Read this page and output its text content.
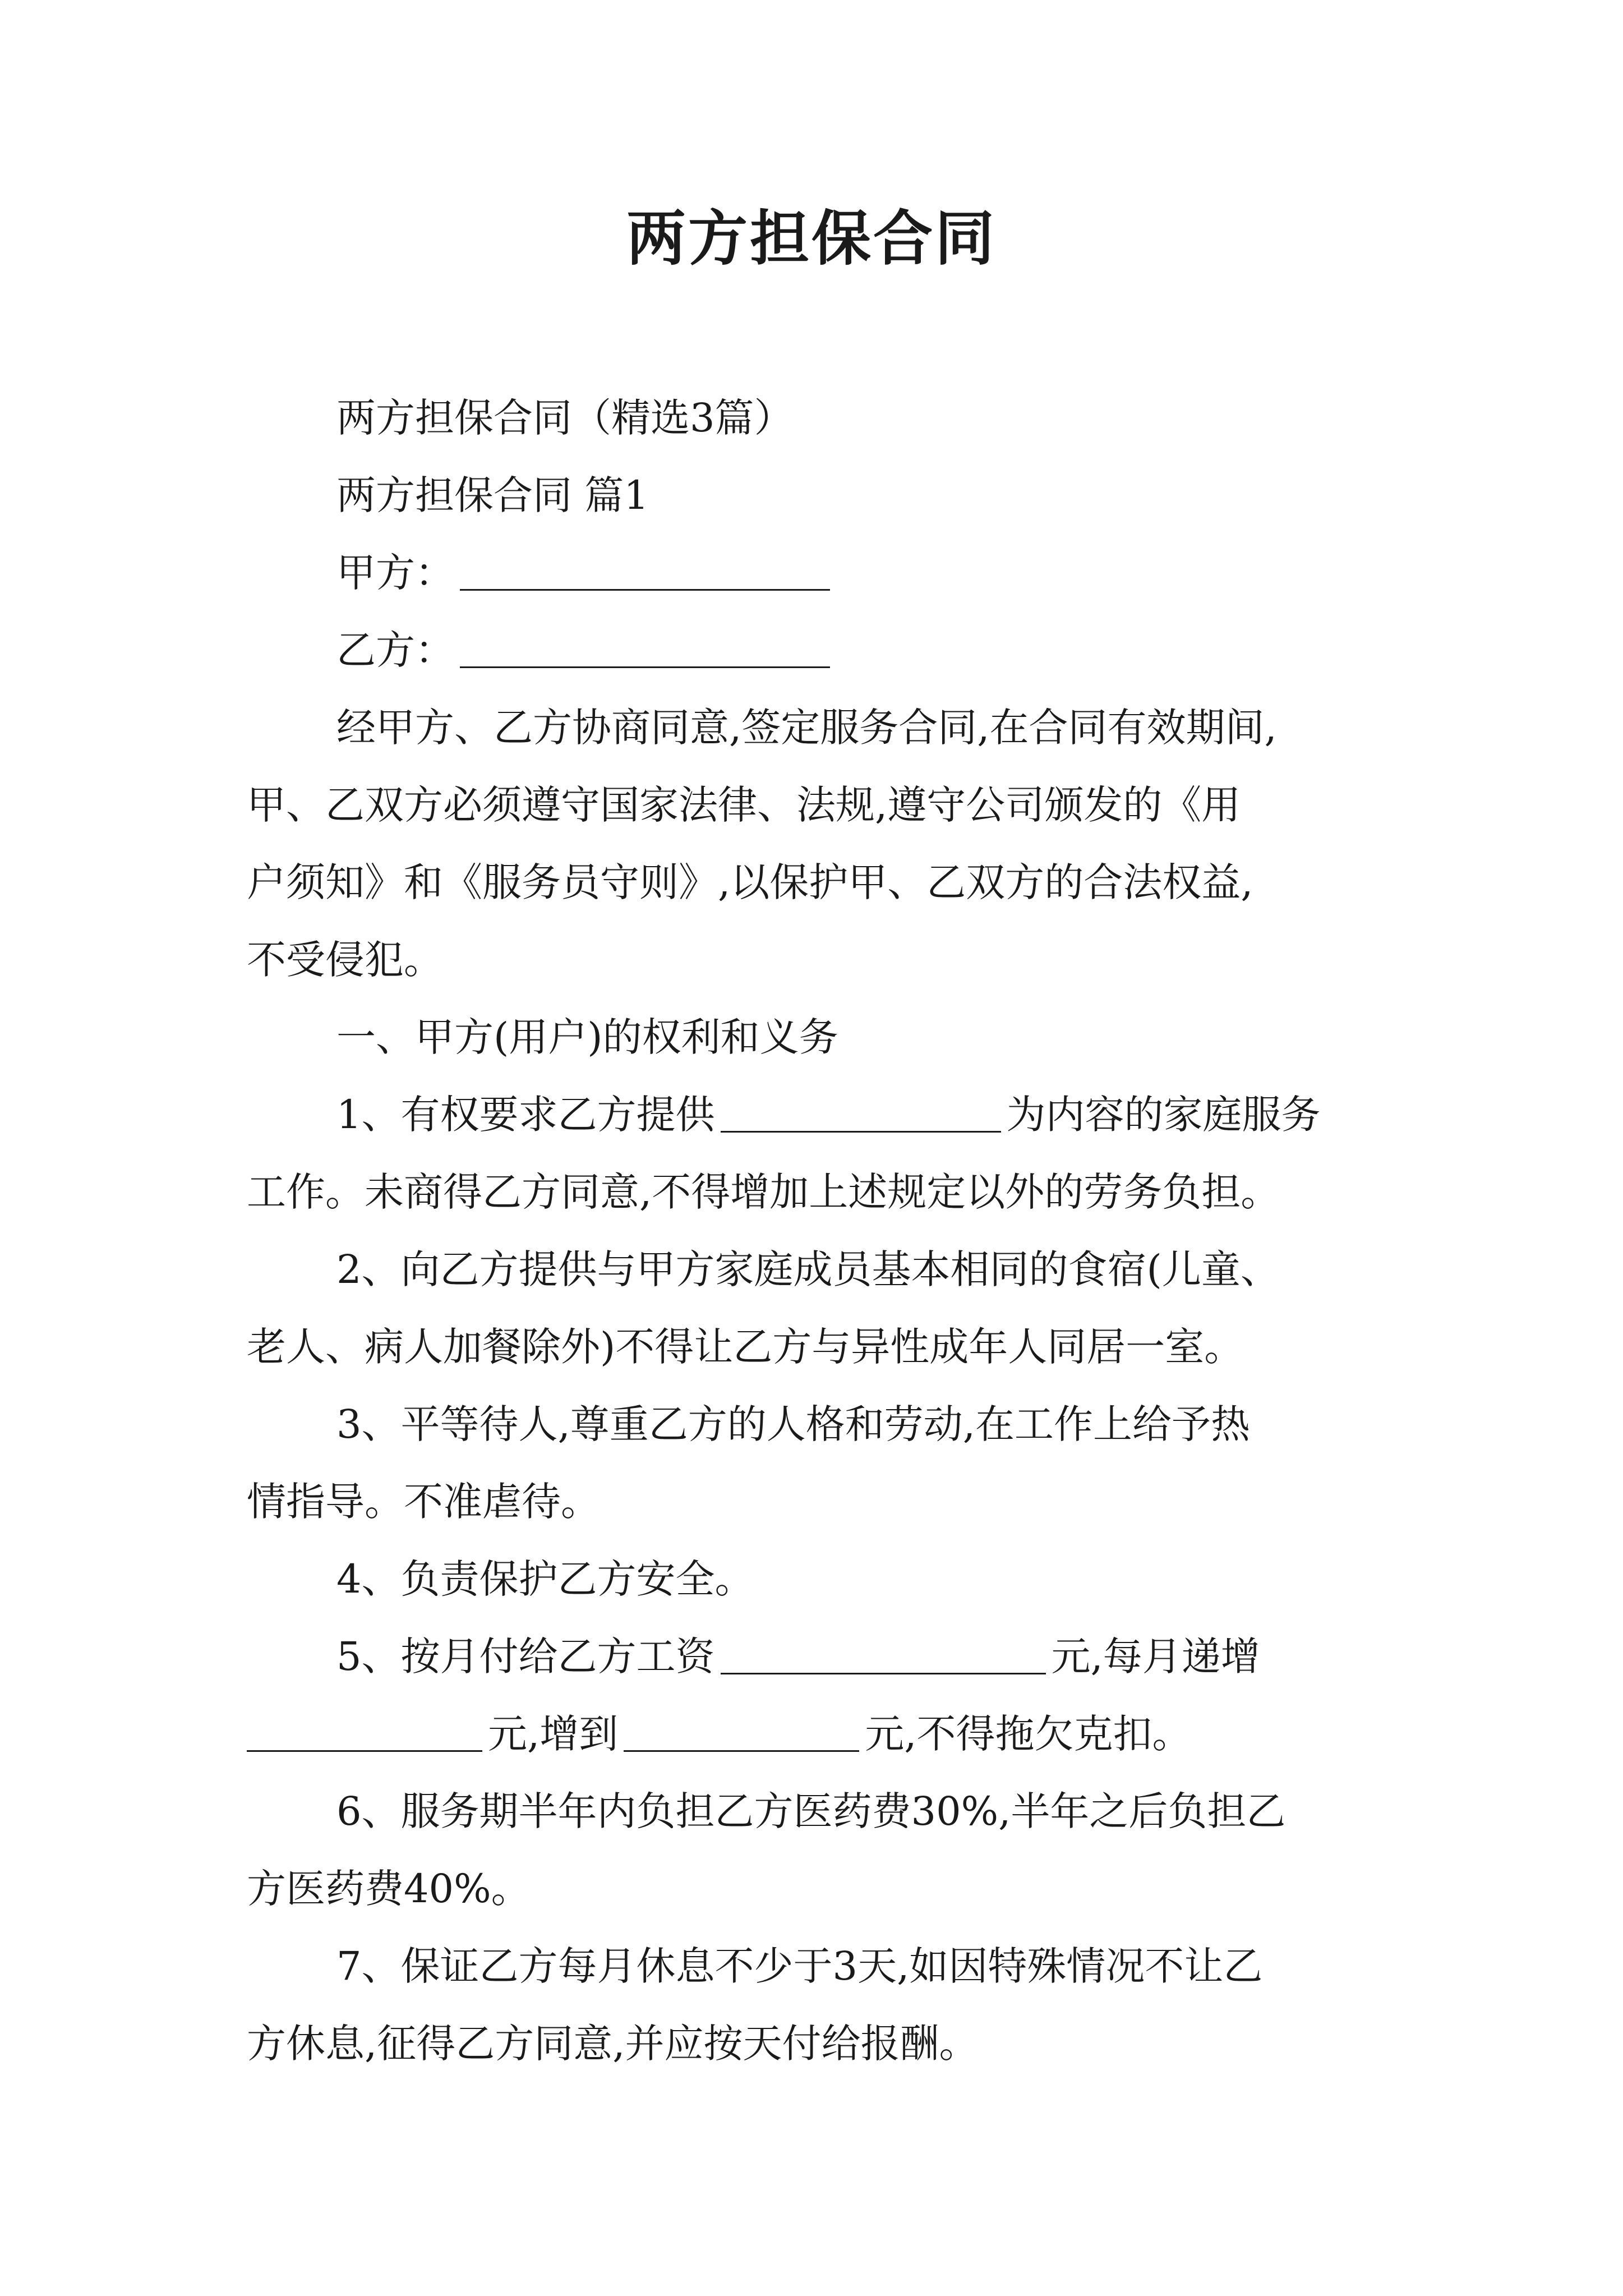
两方担保合同
两方担保合同（精选3篇）
两方担保合同 篇1
甲方：
乙方：
经甲方、乙方协商同意,签定服务合同,在合同有效期间,
甲、乙双方必须遵守国家法律、法规,遵守公司颁发的《用
户须知》和《服务员守则》,以保护甲、乙双方的合法权益,
不受侵犯。
一、甲方(用户)的权利和义务
1、有权要求乙方提供	为内容的家庭服务
工作。未商得乙方同意,不得增加上述规定以外的劳务负担。
2、向乙方提供与甲方家庭成员基本相同的食宿(儿童、
老人、病人加餐除外)不得让乙方与异性成年人同居一室。
3、平等待人,尊重乙方的人格和劳动,在工作上给予热
情指导。不准虐待。
4、负责保护乙方安全。
5、按月付给乙方工资	元,每月递增
元,增到	元,不得拖欠克扣。
6、服务期半年内负担乙方医药费30%,半年之后负担乙
方医药费40%。
7、保证乙方每月休息不少于3天,如因特殊情况不让乙
方休息,征得乙方同意,并应按天付给报酬。
